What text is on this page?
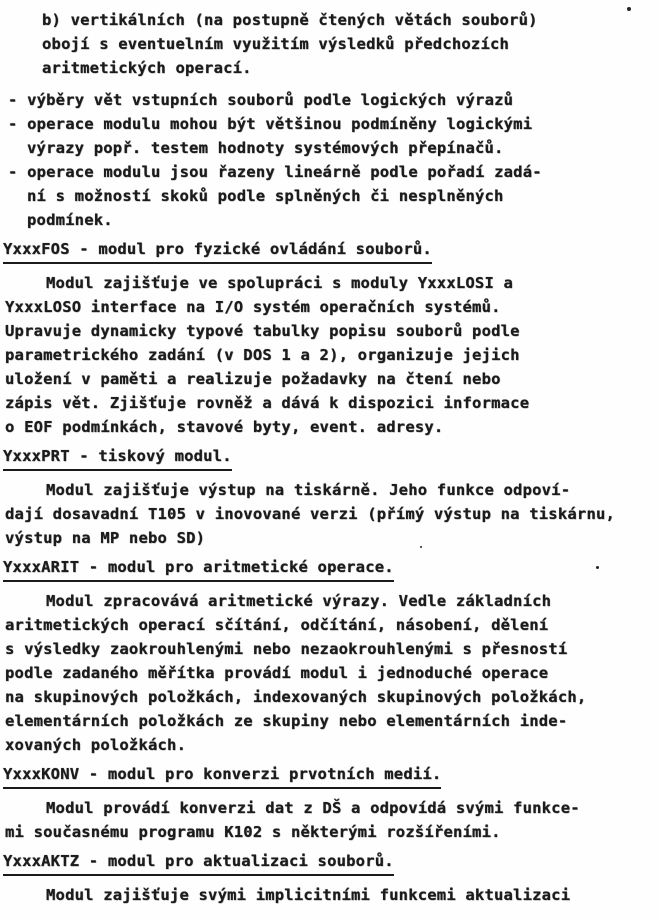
b) vertikálních (na postupně čtených větách souborů)
obojí s eventuelním využitím výsledků předchozích
aritmetických operací.
- výběry vět vstupních souborů podle logických výrazů
- operace modulu mohou být většinou podmíněny logickými
výrazy popř. testem hodnoty systémových přepínačů.
- operace modulu jsou řazeny lineárně podle pořadí zadá-
ní s možností skoků podle splněných či nesplněných
podmínek.
YxxxFOS - modul pro fyzické ovládání souborů.
Modul zajišťuje ve spolupráci s moduly YxxxLOSI a
YxxxLOSO interface na I/O systém operačních systémů.
Upravuje dynamicky typové tabulky popisu souborů podle
parametrického zadání (v DOS 1 a 2), organizuje jejich
uložení v paměti a realizuje požadavky na čtení nebo
zápis vět. Zjišťuje rovněž a dává k dispozici informace
o EOF podmínkách, stavové byty, event. adresy.
YxxxPRT - tiskový modul.
Modul zajišťuje výstup na tiskárně. Jeho funkce odpoví-
dají dosavadní T105 v inovované verzi (přímý výstup na tiskárnu,
výstup na MP nebo SD)
YxxxARIT - modul pro aritmetické operace.
Modul zpracovává aritmetické výrazy. Vedle základních
aritmetických operací sčítání, odčítání, násobení, dělení
s výsledky zaokrouhlenými nebo nezaokrouhlenými s přesností
podle zadaného měřítka provádí modul i jednoduché operace
na skupinových položkách, indexovaných skupinových položkách,
elementárních položkách ze skupiny nebo elementárních inde-
xovaných položkách.
YxxxKONV - modul pro konverzi prvotních medií.
Modul provádí konverzi dat z DŠ a odpovídá svými funkce-
mi současnému programu K102 s některými rozšířeními.
YxxxAKTZ - modul pro aktualizaci souborů.
Modul zajišťuje svými implicitními funkcemi aktualizaci
